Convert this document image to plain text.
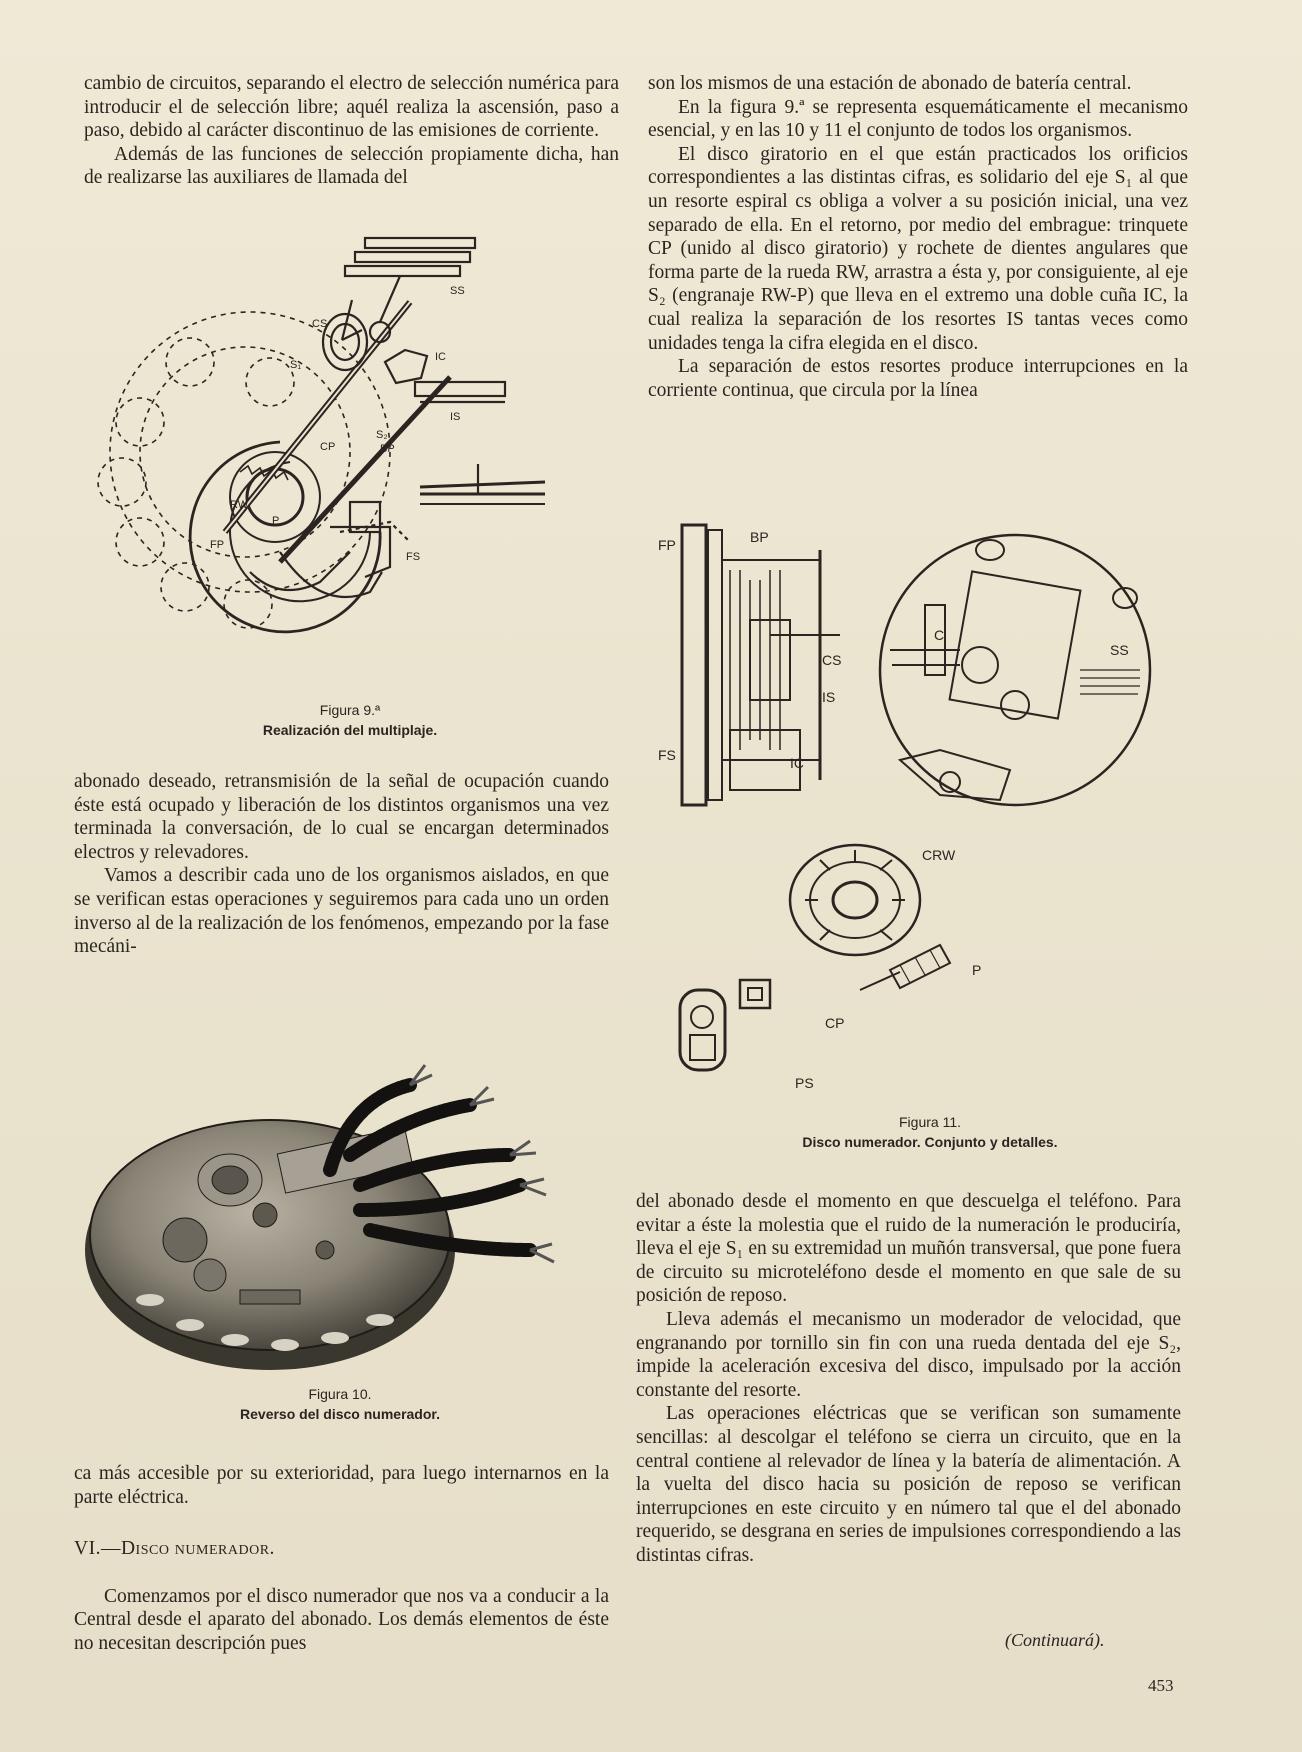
cambio de circuitos, separando el electro de selección numérica para introducir el de selección libre; aquél realiza la ascensión, paso a paso, debido al carácter discontinuo de las emisiones de corriente.

Además de las funciones de selección propiamente dicha, han de realizarse las auxiliares de llamada del

SS
CS
S₁
IC
IS
S₂
BP
CP
RW
P
FP
FS
Figura 9.ª
Realización del multiplaje.

abonado deseado, retransmisión de la señal de ocupación cuando éste está ocupado y liberación de los distintos organismos una vez terminada la conversación, de lo cual se encargan determinados electros y relevadores.

Vamos a describir cada uno de los organismos aislados, en que se verifican estas operaciones y seguiremos para cada uno un orden inverso al de la realización de los fenómenos, empezando por la fase mecáni-

Figura 10.
Reverso del disco numerador.

ca más accesible por su exterioridad, para luego internarnos en la parte eléctrica.

VI.—Disco numerador.

Comenzamos por el disco numerador que nos va a conducir a la Central desde el aparato del abonado. Los demás elementos de éste no necesitan descripción pues

son los mismos de una estación de abonado de batería central.

En la figura 9.ª se representa esquemáticamente el mecanismo esencial, y en las 10 y 11 el conjunto de todos los organismos.

El disco giratorio en el que están practicados los orificios correspondientes a las distintas cifras, es solidario del eje S₁ al que un resorte espiral cs obliga a volver a su posición inicial, una vez separado de ella. En el retorno, por medio del embrague: trinquete CP (unido al disco giratorio) y rochete de dientes angulares que forma parte de la rueda RW, arrastra a ésta y, por consiguiente, al eje S₂ (engranaje RW-P) que lleva en el extremo una doble cuña IC, la cual realiza la separación de los resortes IS tantas veces como unidades tenga la cifra elegida en el disco.

La separación de estos resortes produce interrupciones en la corriente continua, que circula por la línea

FP	BP
CS
IS
FS	IC
C
SS
CRW
P
CP
PS
Figura 11.
Disco numerador. Conjunto y detalles.

del abonado desde el momento en que descuelga el teléfono. Para evitar a éste la molestia que el ruido de la numeración le produciría, lleva el eje S₁ en su extremidad un muñón transversal, que pone fuera de circuito su microteléfono desde el momento en que sale de su posición de reposo.

Lleva además el mecanismo un moderador de velocidad, que engranando por tornillo sin fin con una rueda dentada del eje S₂, impide la aceleración excesiva del disco, impulsado por la acción constante del resorte.

Las operaciones eléctricas que se verifican son sumamente sencillas: al descolgar el teléfono se cierra un circuito, que en la central contiene al relevador de línea y la batería de alimentación. A la vuelta del disco hacia su posición de reposo se verifican interrupciones en este circuito y en número tal que el del abonado requerido, se desgrana en series de impulsiones correspondiendo a las distintas cifras.

(Continuará).
453
